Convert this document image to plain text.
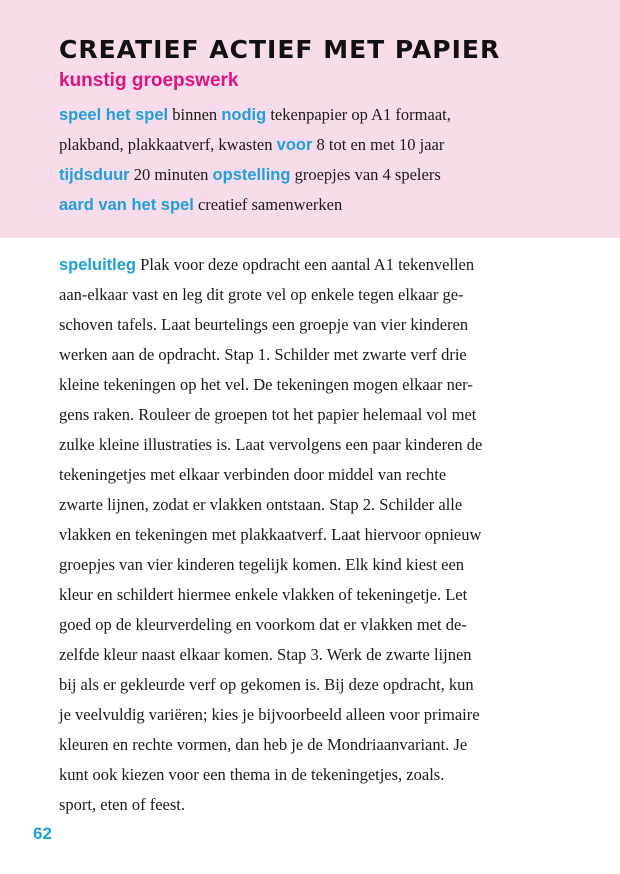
CREATIEF ACTIEF MET PAPIER
kunstig groepswerk
speel het spel binnen nodig tekenpapier op A1 formaat,
plakband, plakkaatverf, kwasten voor 8 tot en met 10 jaar
tijdsduur 20 minuten opstelling groepjes van 4 spelers
aard van het spel creatief samenwerken
speluitleg Plak voor deze opdracht een aantal A1 tekenvellen
aan-elkaar vast en leg dit grote vel op enkele tegen elkaar ge-
schoven tafels. Laat beurtelings een groepje van vier kinderen
werken aan de opdracht. Stap 1. Schilder met zwarte verf drie
kleine tekeningen op het vel. De tekeningen mogen elkaar ner-
gens raken. Rouleer de groepen tot het papier helemaal vol met
zulke kleine illustraties is. Laat vervolgens een paar kinderen de
tekeningetjes met elkaar verbinden door middel van rechte
zwarte lijnen, zodat er vlakken ontstaan. Stap 2. Schilder alle
vlakken en tekeningen met plakkaatverf. Laat hiervoor opnieuw
groepjes van vier kinderen tegelijk komen. Elk kind kiest een
kleur en schildert hiermee enkele vlakken of tekeningetje. Let
goed op de kleurverdeling en voorkom dat er vlakken met de-
zelfde kleur naast elkaar komen. Stap 3. Werk de zwarte lijnen
bij als er gekleurde verf op gekomen is. Bij deze opdracht, kun
je veelvuldig variëren; kies je bijvoorbeeld alleen voor primaire
kleuren en rechte vormen, dan heb je de Mondriaanvariant. Je
kunt ook kiezen voor een thema in de tekeningetjes, zoals.
sport, eten of feest.
62
